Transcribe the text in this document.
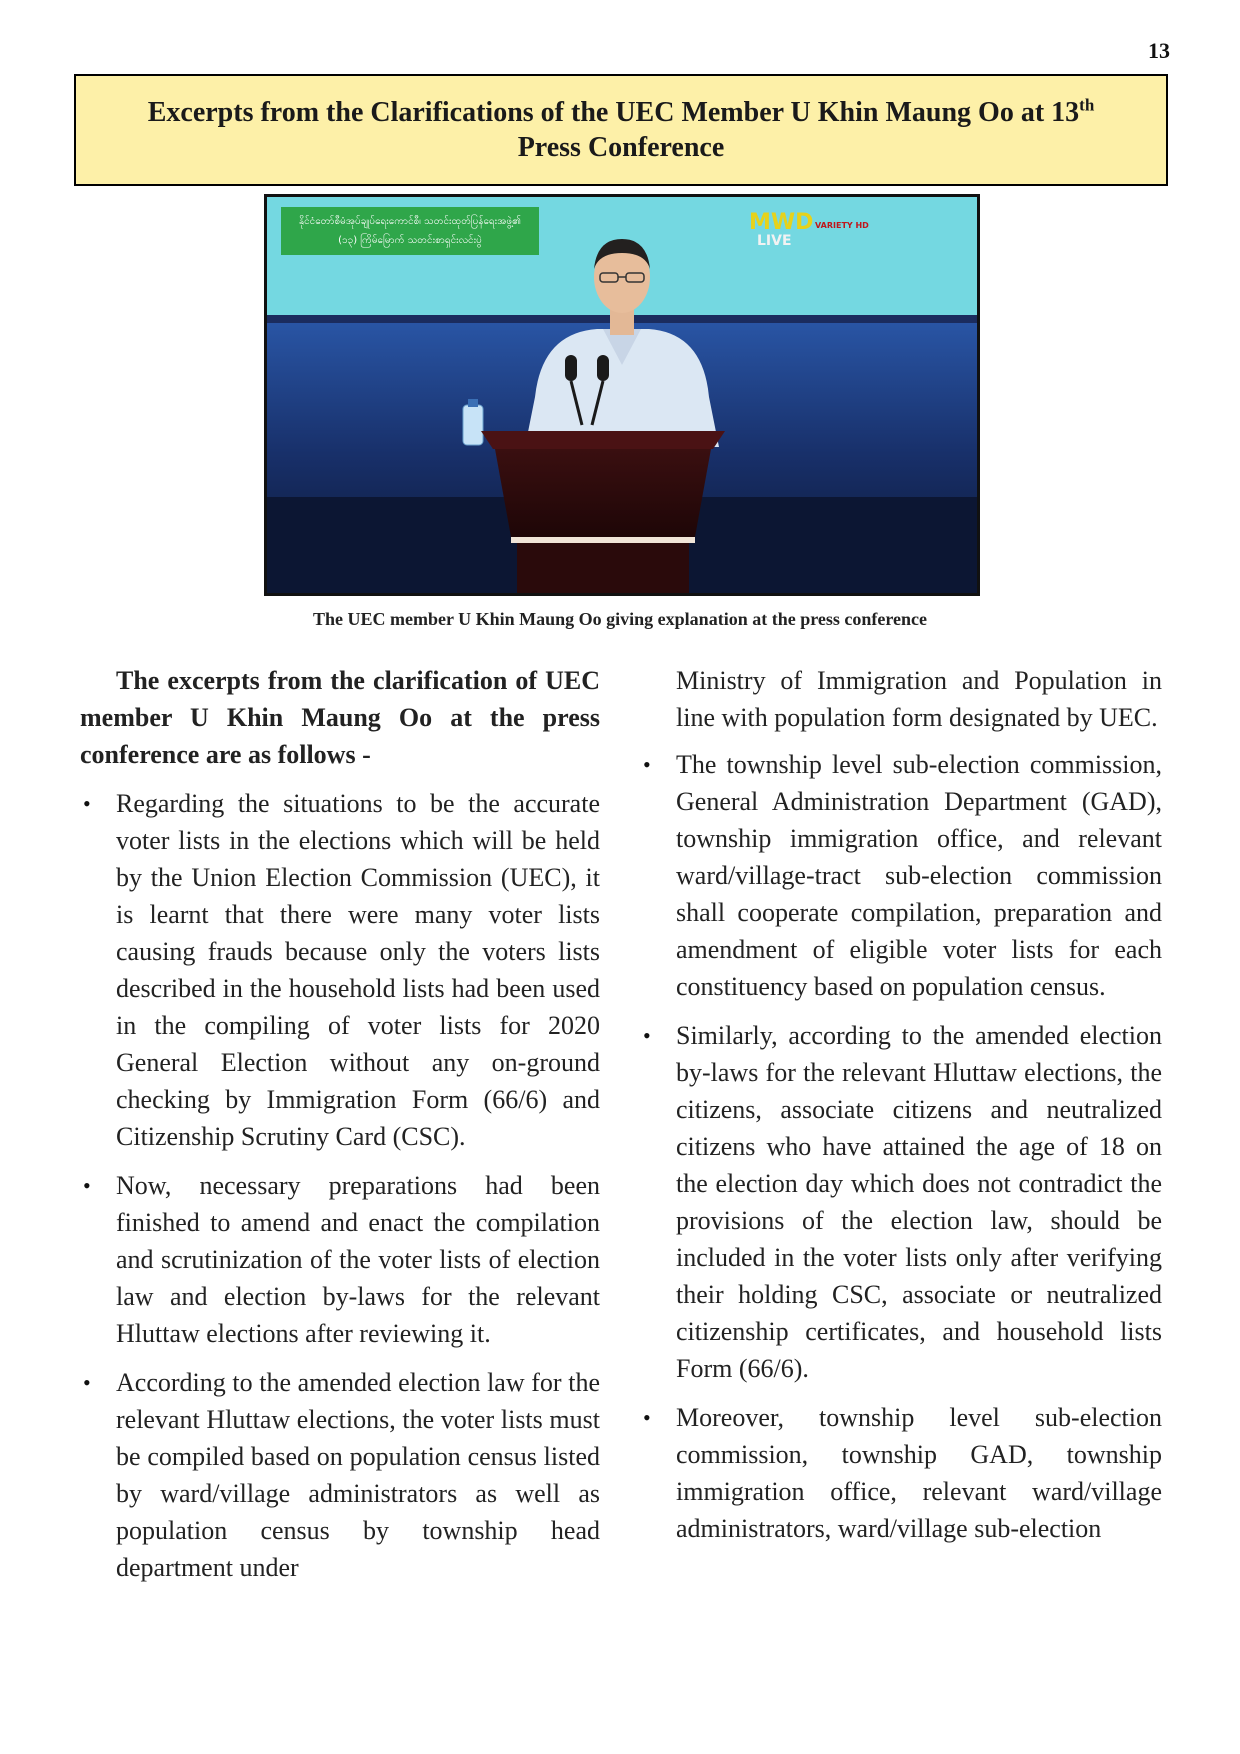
13
Excerpts from the Clarifications of the UEC Member U Khin Maung Oo at 13th
Press Conference
နိုင်ငံတော်စီမံအုပ်ချုပ်ရေးကောင်စီ၊ သတင်းထုတ်ပြန်ရေးအဖွဲ့၏
(၁၃) ကြိမ်မြောက် သတင်းစာရှင်းလင်းပွဲ
MWD
LIVE
VARIETY HD
The UEC member U Khin Maung Oo giving explanation at the press conference

The excerpts from the clarification of UEC member U Khin Maung Oo at the press conference are as follows -

• Regarding the situations to be the accurate voter lists in the elections which will be held by the Union Election Commission (UEC), it is learnt that there were many voter lists causing frauds because only the voters lists described in the household lists had been used in the compiling of voter lists for 2020 General Election without any on-ground checking by Immigration Form (66/6) and Citizenship Scrutiny Card (CSC).
• Now, necessary preparations had been finished to amend and enact the compilation and scrutinization of the voter lists of election law and election by-laws for the relevant Hluttaw elections after reviewing it.
• According to the amended election law for the relevant Hluttaw elections, the voter lists must be compiled based on population census listed by ward/village administrators as well as population census by township head department under

Ministry of Immigration and Population in line with population form designated by UEC.

• The township level sub-election commission, General Administration Department (GAD), township immigration office, and relevant ward/village-tract sub-election commission shall cooperate compilation, preparation and amendment of eligible voter lists for each constituency based on population census.
• Similarly, according to the amended election by-laws for the relevant Hluttaw elections, the citizens, associate citizens and neutralized citizens who have attained the age of 18 on the election day which does not contradict the provisions of the election law, should be included in the voter lists only after verifying their holding CSC, associate or neutralized citizenship certificates, and household lists Form (66/6).
• Moreover, township level sub-election commission, township GAD, township immigration office, relevant ward/village administrators, ward/village sub-election
